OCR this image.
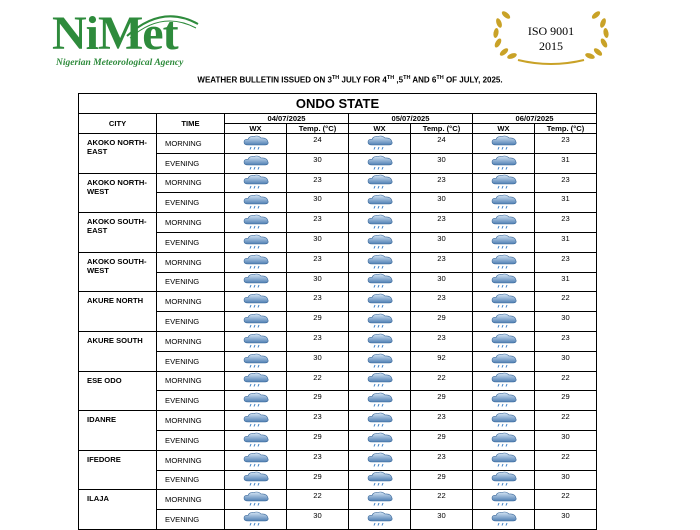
NiMet
Nigerian Meteorological Agency
ISO 9001
2015
WEATHER BULLETIN ISSUED ON 3TH JULY FOR 4TH ,5TH AND 6TH OF JULY, 2025.
ONDO STATE							
CITY	TIME	04/07/2025		05/07/2025		06/07/2025	
		WX	Temp. (°C)	WX	Temp. (°C)	WX	Temp. (°C)
AKOKO NORTH-EAST	MORNING		24		24		23
	EVENING		30		30		31
AKOKO NORTH-WEST	MORNING		23		23		23
	EVENING		30		30		31
AKOKO SOUTH-EAST	MORNING		23		23		23
	EVENING		30		30		31
AKOKO SOUTH-WEST	MORNING		23		23		23
	EVENING		30		30		31
AKURE NORTH	MORNING		23		23		22
	EVENING		29		29		30
AKURE SOUTH	MORNING		23		23		23
	EVENING		30		92		30
ESE ODO	MORNING		22		22		22
	EVENING		29		29		29
IDANRE	MORNING		23		23		22
	EVENING		29		29		30
IFEDORE	MORNING		23		23		22
	EVENING		29		29		30
ILAJA	MORNING		22		22		22
	EVENING		30		30		30
